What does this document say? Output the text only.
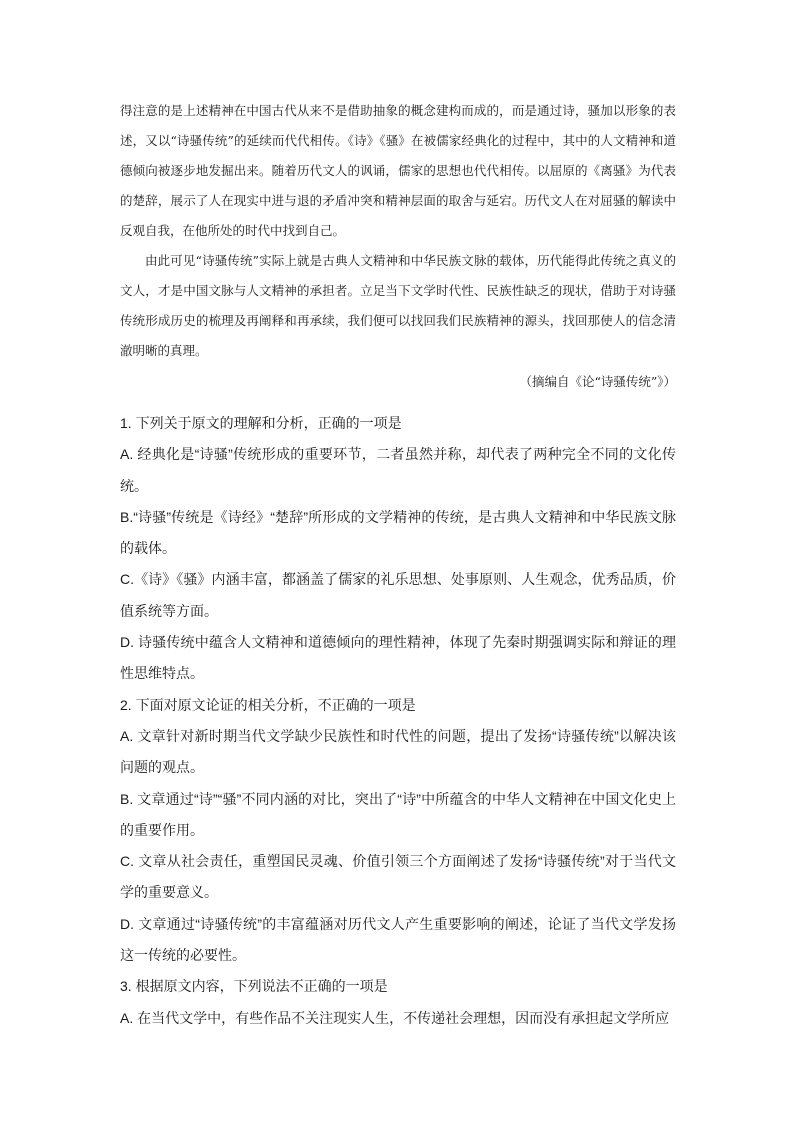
得注意的是上述精神在中国古代从来不是借助抽象的概念建构而成的，而是通过诗，骚加以形象的表述，又以“诗骚传统”的延续而代代相传。《诗》《骚》在被儒家经典化的过程中，其中的人文精神和道德倾向被逐步地发掘出来。随着历代文人的讽诵，儒家的思想也代代相传。以屈原的《离骚》为代表的楚辞，展示了人在现实中进与退的矛盾冲突和精神层面的取舍与延宕。历代文人在对屈骚的解读中反观自我，在他所处的时代中找到自己。

由此可见“诗骚传统”实际上就是古典人文精神和中华民族文脉的载体，历代能得此传统之真义的文人，才是中国文脉与人文精神的承担者。立足当下文学时代性、民族性缺乏的现状，借助于对诗骚传统形成历史的梳理及再阐释和再承续，我们便可以找回我们民族精神的源头，找回那使人的信念清澈明晰的真理。

（摘编自《论“诗骚传统”》）

1. 下列关于原文的理解和分析，正确的一项是

A. 经典化是“诗骚”传统形成的重要环节，二者虽然并称，却代表了两种完全不同的文化传统。

B.“诗骚”传统是《诗经》“楚辞”所形成的文学精神的传统，是古典人文精神和中华民族文脉的载体。

C.《诗》《骚》内涵丰富，都涵盖了儒家的礼乐思想、处事原则、人生观念，优秀品质，价值系统等方面。

D. 诗骚传统中蕴含人文精神和道德倾向的理性精神，体现了先秦时期强调实际和辩证的理性思维特点。

2. 下面对原文论证的相关分析，不正确的一项是

A. 文章针对新时期当代文学缺少民族性和时代性的问题，提出了发扬“诗骚传统”以解决该问题的观点。

B. 文章通过“诗”“骚”不同内涵的对比，突出了“诗”中所蕴含的中华人文精神在中国文化史上的重要作用。

C. 文章从社会责任，重塑国民灵魂、价值引领三个方面阐述了发扬“诗骚传统”对于当代文学的重要意义。

D. 文章通过“诗骚传统”的丰富蕴涵对历代文人产生重要影响的阐述，论证了当代文学发扬这一传统的必要性。

3. 根据原文内容，下列说法不正确的一项是

A. 在当代文学中，有些作品不关注现实人生，不传递社会理想，因而没有承担起文学所应
